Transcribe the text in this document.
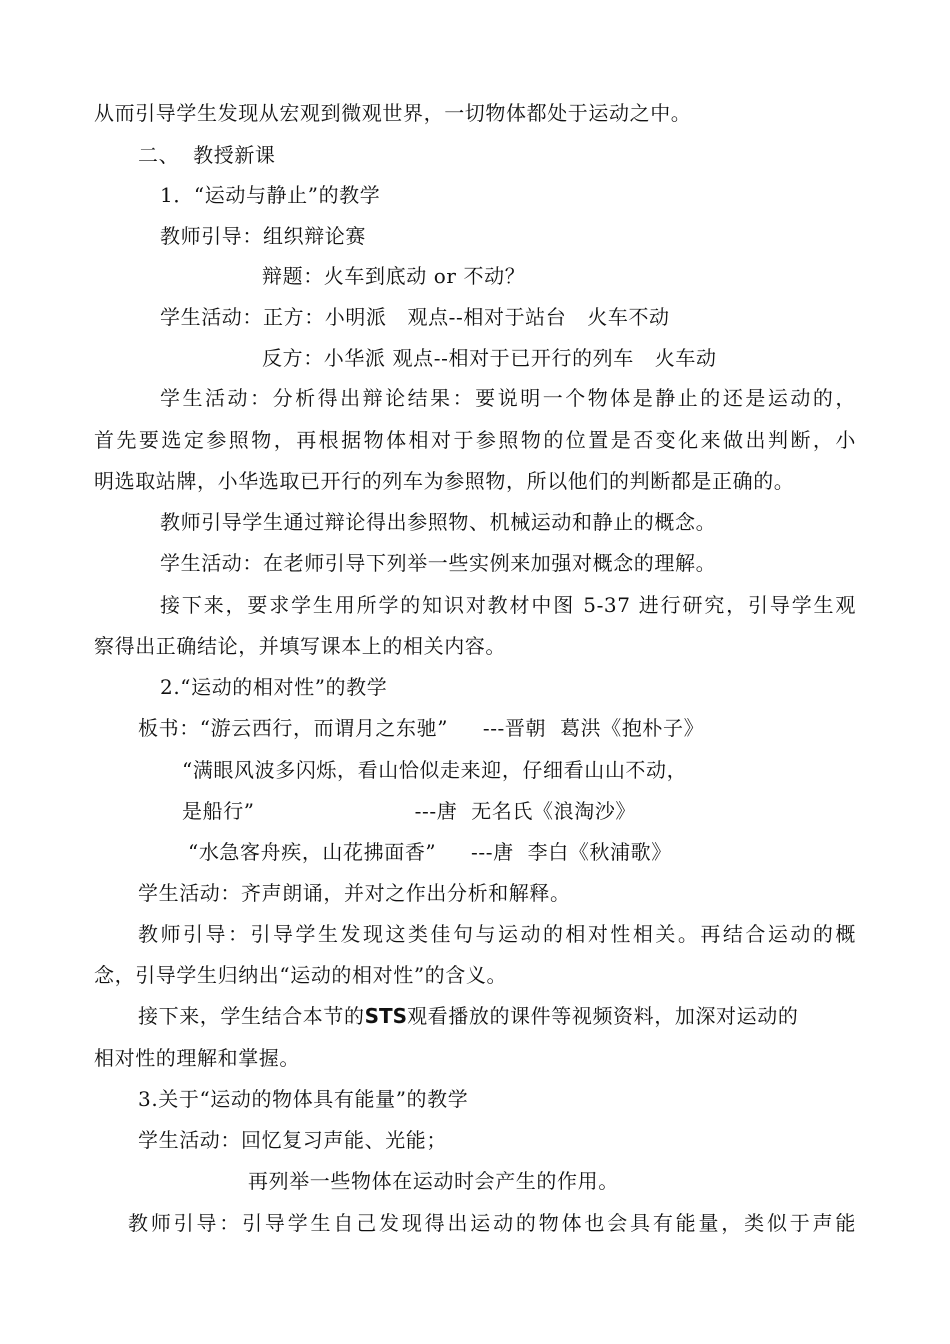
从而引导学生发现从宏观到微观世界，一切物体都处于运动之中。
二、  教授新课
1．“运动与静止”的教学
教师引导：组织辩论赛
辩题：火车到底动 or 不动？
学生活动：正方：小明派   观点--相对于站台   火车不动
反方：小华派 观点--相对于已开行的列车   火车动
学生活动：分析得出辩论结果：要说明一个物体是静止的还是运动的，
首先要选定参照物，再根据物体相对于参照物的位置是否变化来做出判断，小
明选取站牌，小华选取已开行的列车为参照物，所以他们的判断都是正确的。
教师引导学生通过辩论得出参照物、机械运动和静止的概念。
学生活动：在老师引导下列举一些实例来加强对概念的理解。
接下来，要求学生用所学的知识对教材中图 5-37 进行研究，引导学生观
察得出正确结论，并填写课本上的相关内容。
2.“运动的相对性”的教学
板书：“游云西行，而谓月之东驰”     ---晋朝  葛洪《抱朴子》
“满眼风波多闪烁，看山恰似走来迎，仔细看山山不动，
是船行”                       ---唐  无名氏《浪淘沙》
“水急客舟疾，山花拂面香”     ---唐  李白《秋浦歌》
学生活动：齐声朗诵，并对之作出分析和解释。
教师引导：引导学生发现这类佳句与运动的相对性相关。再结合运动的概
念，引导学生归纳出“运动的相对性”的含义。
接下来，学生结合本节的STS观看播放的课件等视频资料，加深对运动的
相对性的理解和掌握。
3.关于“运动的物体具有能量”的教学
学生活动：回忆复习声能、光能；
再列举一些物体在运动时会产生的作用。
教师引导：引导学生自己发现得出运动的物体也会具有能量，类似于声能
